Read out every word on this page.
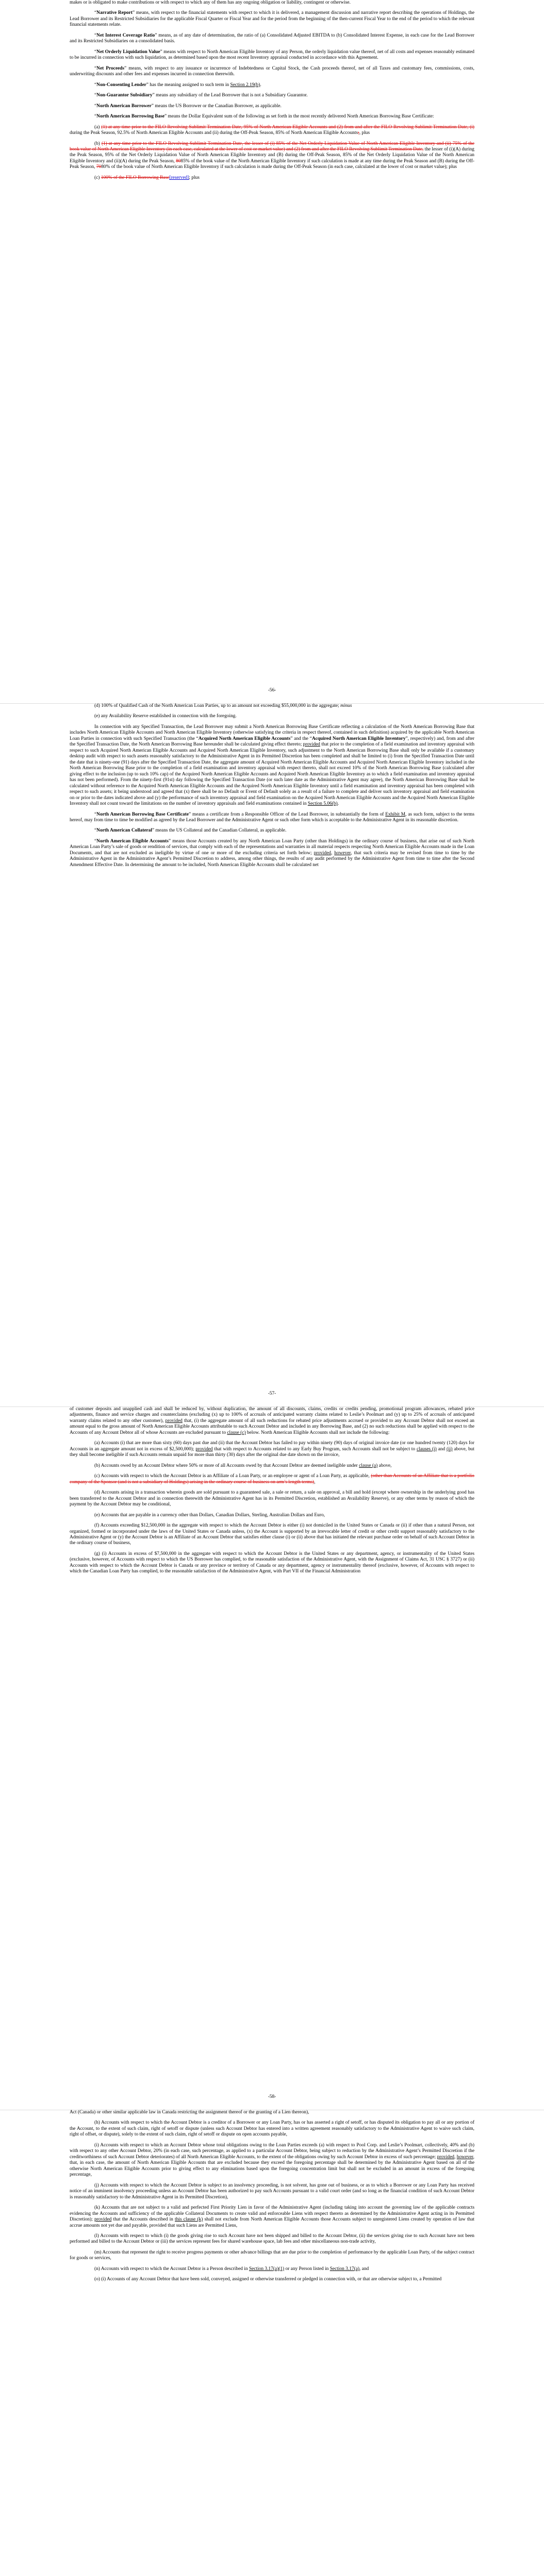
makes or is obligated to make contributions or with respect to which any of them has any ongoing obligation or liability, contingent or otherwise.

“Narrative Report” means, with respect to the financial statements with respect to which it is delivered, a management discussion and narrative report describing the operations of Holdings, the Lead Borrower and its Restricted Subsidiaries for the applicable Fiscal Quarter or Fiscal Year and for the period from the beginning of the then-current Fiscal Year to the end of the period to which the relevant financial statements relate.

“Net Interest Coverage Ratio” means, as of any date of determination, the ratio of (a) Consolidated Adjusted EBITDA to (b) Consolidated Interest Expense, in each case for the Lead Borrower and its Restricted Subsidiaries on a consolidated basis.

“Net Orderly Liquidation Value” means with respect to North American Eligible Inventory of any Person, the orderly liquidation value thereof, net of all costs and expenses reasonably estimated to be incurred in connection with such liquidation, as determined based upon the most recent Inventory appraisal conducted in accordance with this Agreement.

“Net Proceeds” means, with respect to any issuance or incurrence of Indebtedness or Capital Stock, the Cash proceeds thereof, net of all Taxes and customary fees, commissions, costs, underwriting discounts and other fees and expenses incurred in connection therewith.

“Non-Consenting Lender” has the meaning assigned to such term in Section 2.19(b).

“Non-Guarantor Subsidiary” means any subsidiary of the Lead Borrower that is not a Subsidiary Guarantor.

“North American Borrower” means the US Borrower or the Canadian Borrower, as applicable.

“North American Borrowing Base” means the Dollar Equivalent sum of the following as set forth in the most recently delivered North American Borrowing Base Certificate:

(a) (1) at any time prior to the FILO Revolving Sublimit Termination Date, 95% of North American Eligible Accounts and (2) from and after the FILO Revolving Sublimit Termination Date, (i) during the Peak Season, 92.5% of North American Eligible Accounts and (ii) during the Off-Peak Season, 85% of North American Eligible Accounts;, plus

(b) (1) at any time prior to the FILO Revolving Sublimit Termination Date, the lesser of (i) 85% of the Net Orderly Liquidation Value of North American Eligible Inventory and (ii) 75% of the book value of North American Eligible Inventory (in each case, calculated at the lower of cost or market value) and (2) from and after the FILO Revolving Sublimit Termination Date, the lesser of (i)(A) during the Peak Season, 95% of the Net Orderly Liquidation Value of North American Eligible Inventory and (B) during the Off-Peak Season, 85% of the Net Orderly Liquidation Value of the North American Eligible Inventory and (ii)(A) during the Peak Season, 8085% of the book value of the North American Eligible Inventory if such calculation is made at any time during the Peak Season and (B) during the Off-Peak Season, 7080% of the book value of North American Eligible Inventory if such calculation is made during the Off-Peak Season (in each case, calculated at the lower of cost or market value); plus

(c) 100% of the FILO Borrowing Base[reserved]; plus

(d) 100% of Qualified Cash of the North American Loan Parties, up to an amount not exceeding $55,000,000 in the aggregate; minus

(e) any Availability Reserve established in connection with the foregoing.

In connection with any Specified Transaction, the Lead Borrower may submit a North American Borrowing Base Certificate reflecting a calculation of the North American Borrowing Base that includes North American Eligible Accounts and North American Eligible Inventory (otherwise satisfying the criteria in respect thereof, contained in such definition) acquired by the applicable North American Loan Parties in connection with such Specified Transaction (the “Acquired North American Eligible Accounts” and the “Acquired North American Eligible Inventory”, respectively) and, from and after the Specified Transaction Date, the North American Borrowing Base hereunder shall be calculated giving effect thereto; provided that prior to the completion of a field examination and inventory appraisal with respect to such Acquired North American Eligible Accounts and Acquired North American Eligible Inventory, such adjustment to the North American Borrowing Base shall only be available if a customary desktop audit with respect to such assets reasonably satisfactory to the Administrative Agent in its Permitted Discretion has been completed and shall be limited to (i) from the Specified Transaction Date until the date that is ninety-one (91) days after the Specified Transaction Date, the aggregate amount of Acquired North American Eligible Accounts and Acquired North American Eligible Inventory included in the North American Borrowing Base prior to the completion of a field examination and inventory appraisal with respect thereto, shall not exceed 10% of the North American Borrowing Base (calculated after giving effect to the inclusion (up to such 10% cap) of the Acquired North American Eligible Accounts and Acquired North American Eligible Inventory as to which a field examination and inventory appraisal has not been performed). From the ninety-first (91st) day following the Specified Transaction Date (or such later date as the Administrative Agent may agree), the North American Borrowing Base shall be calculated without reference to the Acquired North American Eligible Accounts and the Acquired North American Eligible Inventory until a field examination and inventory appraisal has been completed with respect to such assets; it being understood and agreed that (x) there shall be no Default or Event of Default solely as a result of a failure to complete and deliver such inventory appraisal and field examination on or prior to the dates indicated above and (y) the performance of such inventory appraisal and field examination on the Acquired North American Eligible Accounts and the Acquired North American Eligible Inventory shall not count toward the limitations on the number of inventory appraisals and field examinations contained in Section 5.06(b).

“North American Borrowing Base Certificate” means a certificate from a Responsible Officer of the Lead Borrower, in substantially the form of Exhibit M, as such form, subject to the terms hereof, may from time to time be modified as agreed by the Lead Borrower and the Administrative Agent or such other form which is acceptable to the Administrative Agent in its reasonable discretion.

“North American Collateral” means the US Collateral and the Canadian Collateral, as applicable.

“North American Eligible Accounts” means those Accounts created by any North American Loan Party (other than Holdings) in the ordinary course of business, that arise out of such North American Loan Party’s sale of goods or rendition of services, that comply with each of the representations and warranties in all material respects respecting North American Eligible Accounts made in the Loan Documents, and that are not excluded as ineligible by virtue of one or more of the excluding criteria set forth below; provided, however, that such criteria may be revised from time to time by the Administrative Agent in the Administrative Agent’s Permitted Discretion to address, among other things, the results of any audit performed by the Administrative Agent from time to time after the Second Amendment Effective Date. In determining the amount to be included, North American Eligible Accounts shall be calculated net

of customer deposits and unapplied cash and shall be reduced by, without duplication, the amount of all discounts, claims, credits or credits pending, promotional program allowances, rebated price adjustments, finance and service charges and counterclaims (excluding (x) up to 100% of accruals of anticipated warranty claims related to Leslie’s Poolmart and (y) up to 25% of accruals of anticipated warranty claims related to any other customer), provided that, (i) the aggregate amount of all such reductions for rebated price adjustments accrued or provided to any Account Debtor shall not exceed an amount equal to the gross amount of North American Eligible Accounts attributable to such Account Debtor and included in any Borrowing Base, and (2) no such reductions shall be applied with respect to the Accounts of any Account Debtor all of whose Accounts are excluded pursuant to clause (c) below. North American Eligible Accounts shall not include the following:

(a) Accounts (i) that are more than sixty (60) days past due and (ii) that the Account Debtor has failed to pay within ninety (90) days of original invoice date (or one hundred twenty (120) days for Accounts in an aggregate amount not in excess of $2,500,000); provided that with respect to Accounts related to any Early Buy Program, such Accounts shall not be subject to clauses (i) and (ii) above, but they shall become ineligible if such Accounts remain unpaid for more than thirty (30) days after the original due date shown on the invoice,

(b) Accounts owed by an Account Debtor where 50% or more of all Accounts owed by that Account Debtor are deemed ineligible under clause (a) above,

(c) Accounts with respect to which the Account Debtor is an Affiliate of a Loan Party, or an employee or agent of a Loan Party, as applicable, (other than Accounts of an Affiliate that is a portfolio company of the Sponsor (and is not a subsidiary of Holdings) arising in the ordinary course of business on arm’s length terms),

(d) Accounts arising in a transaction wherein goods are sold pursuant to a guaranteed sale, a sale or return, a sale on approval, a bill and hold (except where ownership in the underlying good has been transferred to the Account Debtor and in connection therewith the Administrative Agent has in its Permitted Discretion, established an Availability Reserve), or any other terms by reason of which the payment by the Account Debtor may be conditional,

(e) Accounts that are payable in a currency other than Dollars, Canadian Dollars, Sterling, Australian Dollars and Euro,

(f) Accounts exceeding $12,500,000 in the aggregate with respect to which the Account Debtor is either (i) not domiciled in the United States or Canada or (ii) if other than a natural Person, not organized, formed or incorporated under the laws of the United States or Canada unless, (x) the Account is supported by an irrevocable letter of credit or other credit support reasonably satisfactory to the Administrative Agent or (y) the Account Debtor is an Affiliate of an Account Debtor that satisfies either clause (i) or (ii) above that has initiated the relevant purchase order on behalf of such Account Debtor in the ordinary course of business,

(g) (i) Accounts in excess of $7,500,000 in the aggregate with respect to which the Account Debtor is the United States or any department, agency, or instrumentality of the United States (exclusive, however, of Accounts with respect to which the US Borrower has complied, to the reasonable satisfaction of the Administrative Agent, with the Assignment of Claims Act, 31 USC § 3727) or (ii) Accounts with respect to which the Account Debtor is Canada or any province or territory of Canada or any department, agency or instrumentality thereof (exclusive, however, of Accounts with respect to which the Canadian Loan Party has complied, to the reasonable satisfaction of the Administrative Agent, with Part VII of the Financial Administration

Act (Canada) or other similar applicable law in Canada restricting the assignment thereof or the granting of a Lien thereon),

(h) Accounts with respect to which the Account Debtor is a creditor of a Borrower or any Loan Party, has or has asserted a right of setoff, or has disputed its obligation to pay all or any portion of the Account, to the extent of such claim, right of setoff or dispute (unless such Account Debtor has entered into a written agreement reasonably satisfactory to the Administrative Agent to waive such claim, right of offset, or dispute), solely to the extent of such claim, right of setoff or dispute on open accounts payable,

(i) Accounts with respect to which an Account Debtor whose total obligations owing to the Loan Parties exceeds (a) with respect to Pool Corp. and Leslie’s Poolmart, collectively, 40% and (b) with respect to any other Account Debtor, 20% (in each case, such percentage, as applied to a particular Account Debtor, being subject to reduction by the Administrative Agent’s Permitted Discretion if the creditworthiness of such Account Debtor deteriorates) of all North American Eligible Accounts, to the extent of the obligations owing by such Account Debtor in excess of such percentage; provided, however, that, in each case, the amount of North American Eligible Accounts that are excluded because they exceed the foregoing percentage shall be determined by the Administrative Agent based on all of the otherwise North American Eligible Accounts prior to giving effect to any eliminations based upon the foregoing concentration limit but shall not be excluded in an amount in excess of the foregoing percentage,

(j) Accounts with respect to which the Account Debtor is subject to an insolvency proceeding, is not solvent, has gone out of business, or as to which a Borrower or any Loan Party has received notice of an imminent insolvency proceeding unless an Account Debtor has been authorized to pay such Accounts pursuant to a valid court order (and so long as the financial condition of such Account Debtor is reasonably satisfactory to the Administrative Agent in its Permitted Discretion),

(k) Accounts that are not subject to a valid and perfected First Priority Lien in favor of the Administrative Agent (including taking into account the governing law of the applicable contracts evidencing the Accounts and sufficiency of the applicable Collateral Documents to create valid and enforceable Liens with respect thereto as determined by the Administrative Agent acting in its Permitted Discretion); provided that the Accounts described in this clause (k) shall not exclude from North American Eligible Accounts those Accounts subject to unregistered Liens created by operation of law that accrue amounts not yet due and payable, provided that such Liens are Permitted Liens,

(l) Accounts with respect to which (i) the goods giving rise to such Account have not been shipped and billed to the Account Debtor, (ii) the services giving rise to such Account have not been performed and billed to the Account Debtor or (iii) the services represent fees for shared warehouse space, lab fees and other miscellaneous non-trade activity,

(m) Accounts that represent the right to receive progress payments or other advance billings that are due prior to the completion of performance by the applicable Loan Party, of the subject contract for goods or services,

(n) Accounts with respect to which the Account Debtor is a Person described in Section 3.17(a)(1) or any Person listed in Section 3.17(a), and

(o) (i) Accounts of any Account Debtor that have been sold, conveyed, assigned or otherwise transferred or pledged in connection with, or that are otherwise subject to, a Permitted

-56-
-57-
-58-
